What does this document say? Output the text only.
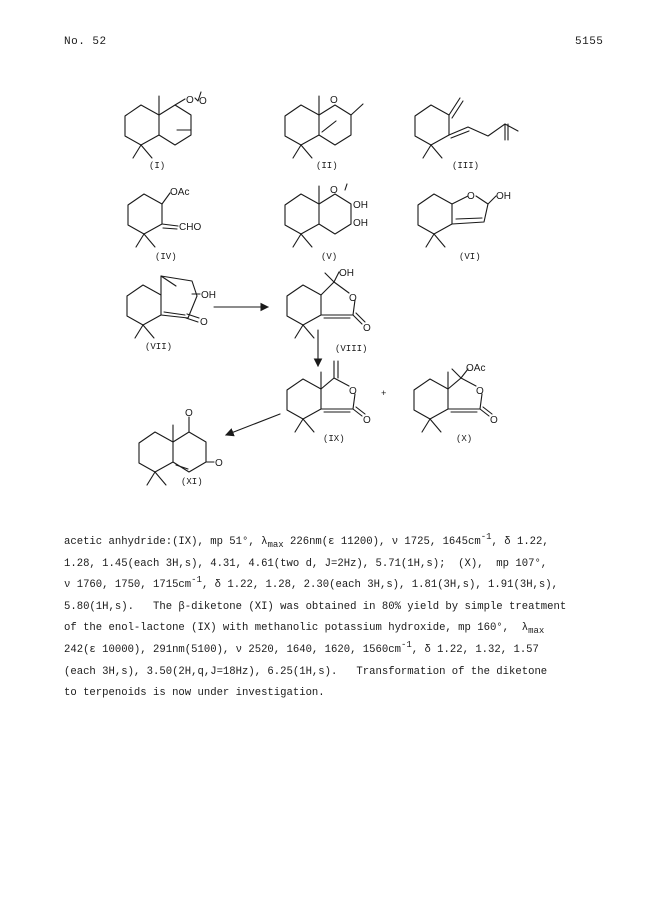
No. 52	5155
O O
(I)
O
(II)	(III)
OAc
CHO
(IV)
O
OH
OH
(V)
O OH
(VI)
OH
O
(VII)
OH
O
O
(VIII)
O
O
(IX)
+
OAc
O
O
(X)
O
O
(XI)
acetic anhydride:(IX), mp 51°, $\lambda_{max}$ 226nm(ε 11200), ν 1725, $1645cm^{-1}$, δ 1.22,
1.28, 1.45(each 3H,s), 4.31, 4.61(two d, J=2Hz), 5.71(1H,s);  (X),  mp 107°,
ν 1760, 1750, $1715cm^{-1}$, δ 1.22, 1.28, 2.30(each 3H,s), 1.81(3H,s), 1.91(3H,s),
5.80(1H,s).   The β-diketone (XI) was obtained in 80% yield by simple treatment
of the enol-lactone (IX) with methanolic potassium hydroxide, mp 160°,  $\lambda_{max}$
242(ε 10000), 291nm(5100), ν 2520, 1640, 1620, $1560cm^{-1}$, δ 1.22, 1.32, 1.57
(each 3H,s), 3.50(2H,q,J=18Hz), 6.25(1H,s).   Transformation of the diketone
to terpenoids is now under investigation.
